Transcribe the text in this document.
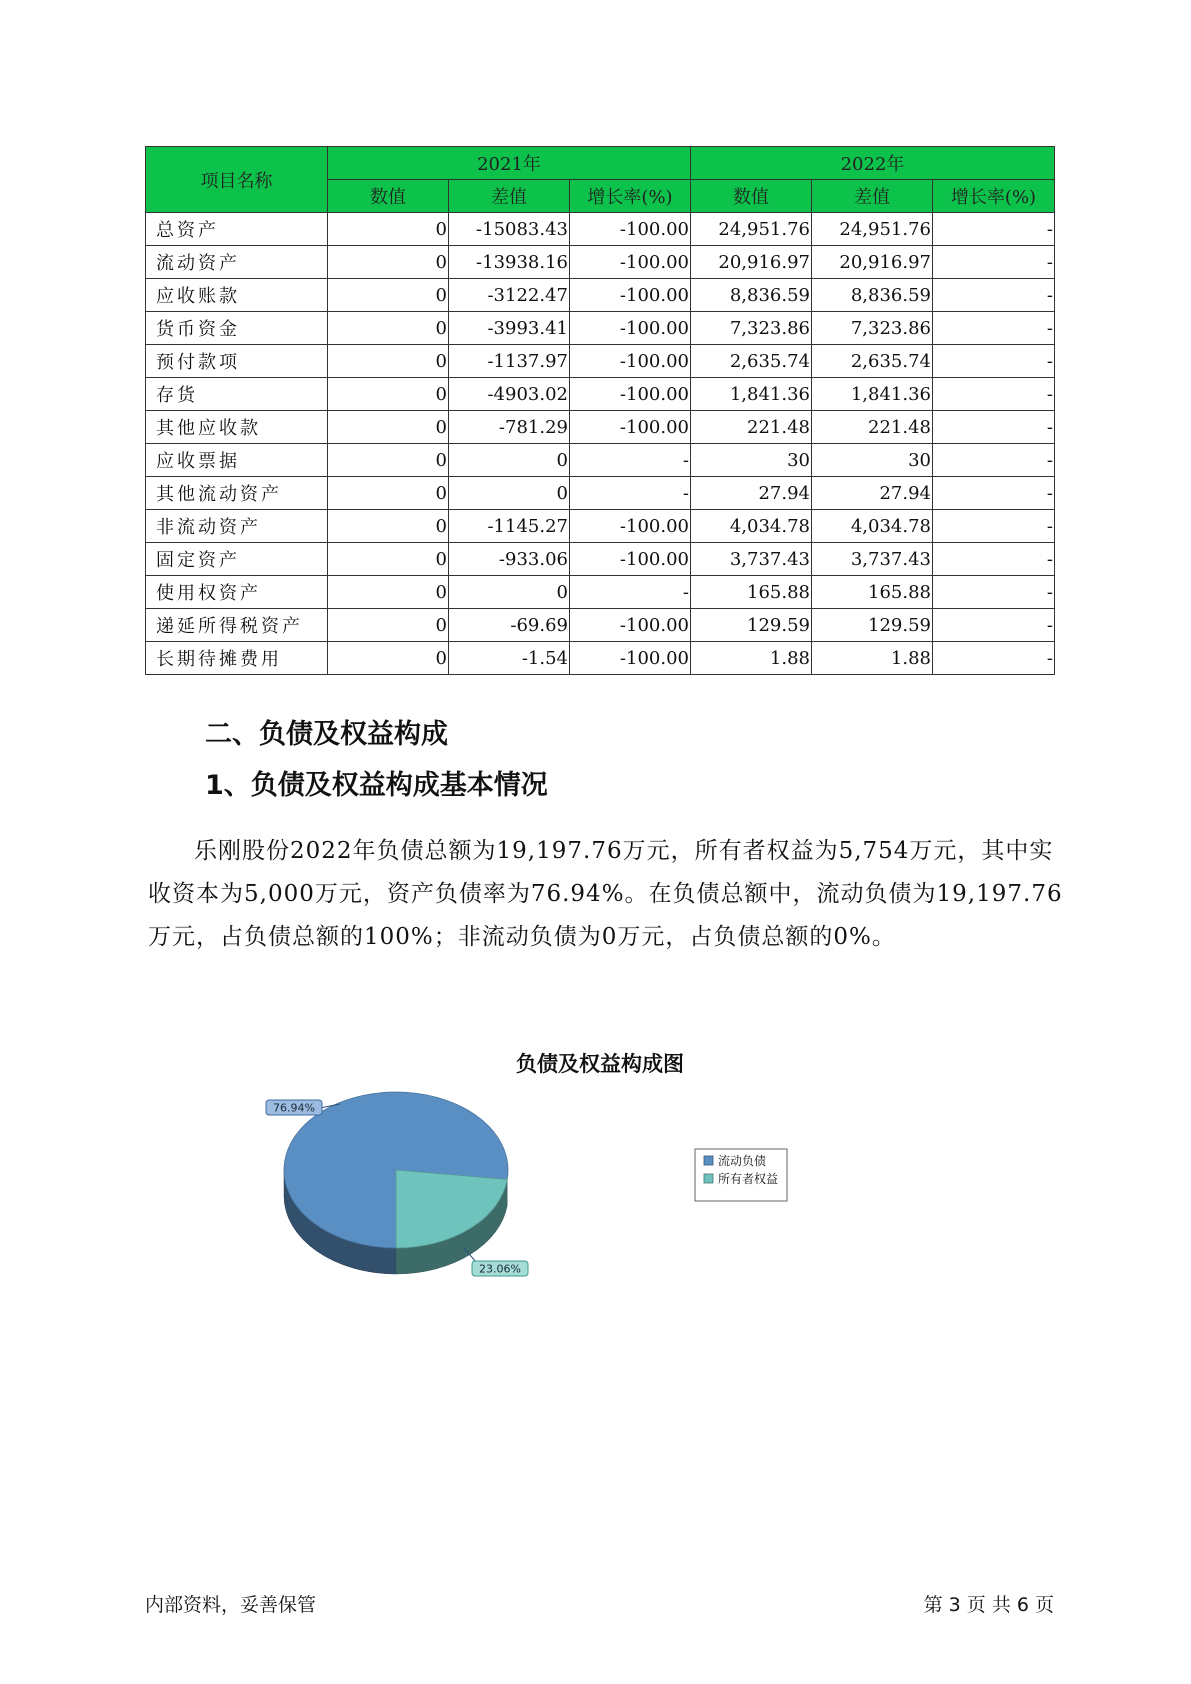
项目名称	2021年			2022年		
	数值	差值	增长率(%)	数值	差值	增长率(%)
总资产	0	-15083.43	-100.00	24,951.76	24,951.76	-
流动资产	0	-13938.16	-100.00	20,916.97	20,916.97	-
应收账款	0	-3122.47	-100.00	8,836.59	8,836.59	-
货币资金	0	-3993.41	-100.00	7,323.86	7,323.86	-
预付款项	0	-1137.97	-100.00	2,635.74	2,635.74	-
存货	0	-4903.02	-100.00	1,841.36	1,841.36	-
其他应收款	0	-781.29	-100.00	221.48	221.48	-
应收票据	0	0	-	30	30	-
其他流动资产	0	0	-	27.94	27.94	-
非流动资产	0	-1145.27	-100.00	4,034.78	4,034.78	-
固定资产	0	-933.06	-100.00	3,737.43	3,737.43	-
使用权资产	0	0	-	165.88	165.88	-
递延所得税资产	0	-69.69	-100.00	129.59	129.59	-
长期待摊费用	0	-1.54	-100.00	1.88	1.88	-
二、负债及权益构成
1、负债及权益构成基本情况

乐刚股份2022年负债总额为19,197.76万元，所有者权益为5,754万元，其中实收资本为5,000万元，资产负债率为76.94%。在负债总额中，流动负债为19,197.76万元，占负债总额的100%；非流动负债为0万元，占负债总额的0%。

负债及权益构成图
76.94%
23.06%
流动负债
所有者权益
内部资料，妥善保管	第 3 页 共 6 页
